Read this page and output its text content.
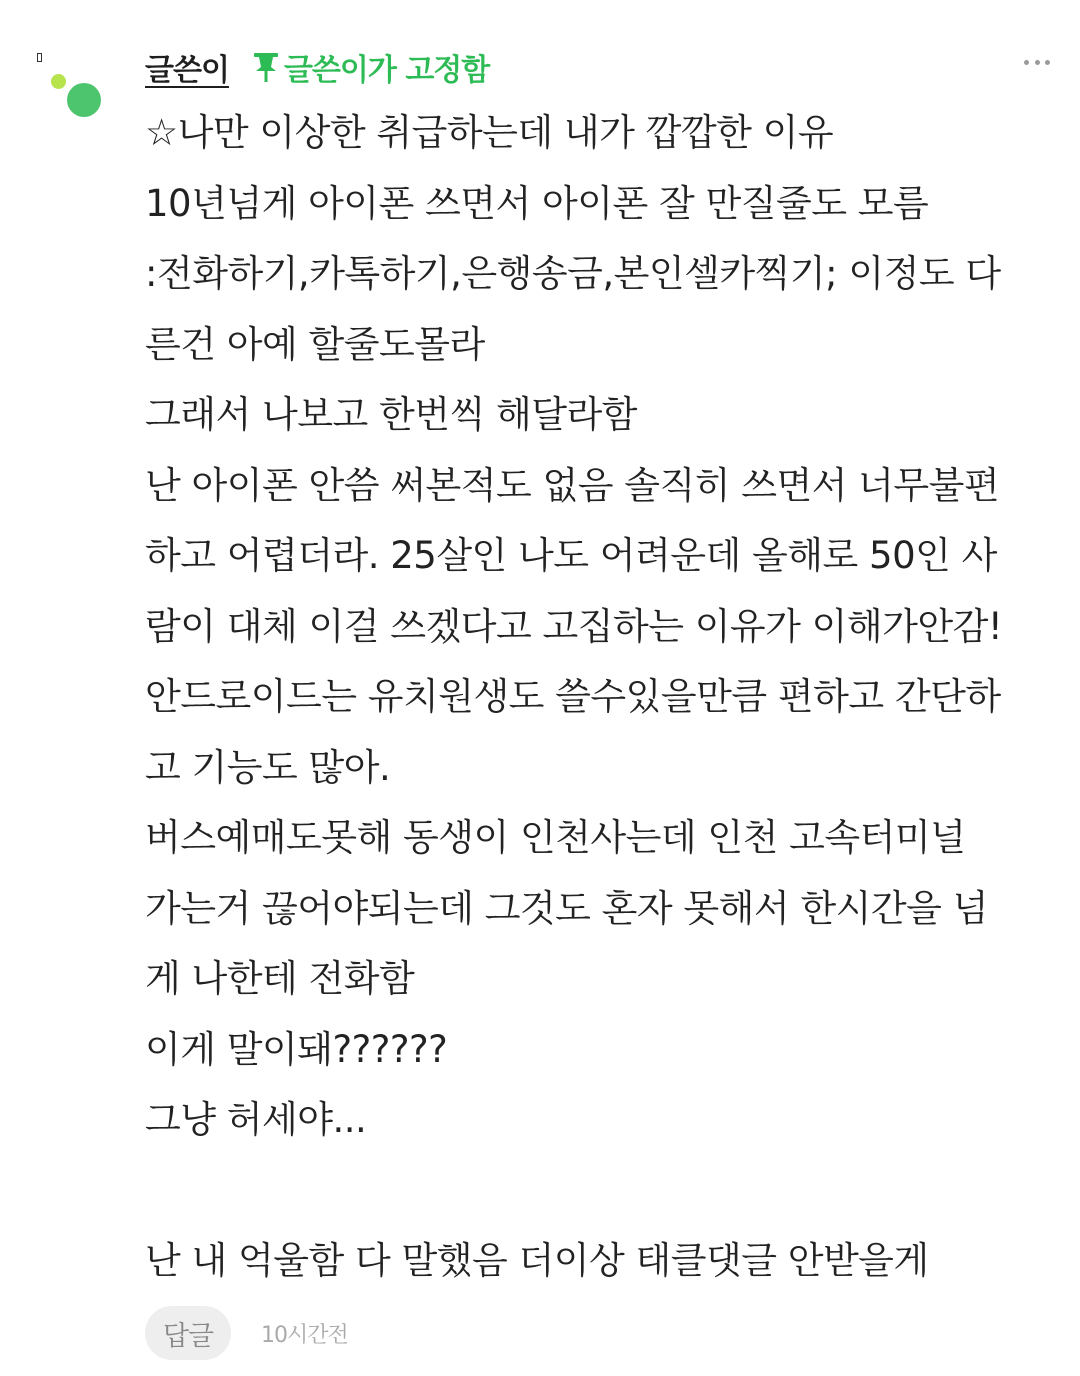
글쓴이 글쓴이가 고정함
☆나만 이상한 취급하는데 내가 깝깝한 이유
10년넘게 아이폰 쓰면서 아이폰 잘 만질줄도 모름
:전화하기,카톡하기,은행송금,본인셀카찍기; 이정도 다
른건 아예 할줄도몰라
그래서 나보고 한번씩 해달라함
난 아이폰 안씀 써본적도 없음 솔직히 쓰면서 너무불편
하고 어렵더라. 25살인 나도 어려운데 올해로 50인 사
람이 대체 이걸 쓰겠다고 고집하는 이유가 이해가안감!
안드로이드는 유치원생도 쓸수있을만큼 편하고 간단하
고 기능도 많아.
버스예매도못해 동생이 인천사는데 인천 고속터미널
가는거 끊어야되는데 그것도 혼자 못해서 한시간을 넘
게 나한테 전화함
이게 말이돼??????
그냥 허세야...
난 내 억울함 다 말했음 더이상 태클댓글 안받을게
답글	10시간전
